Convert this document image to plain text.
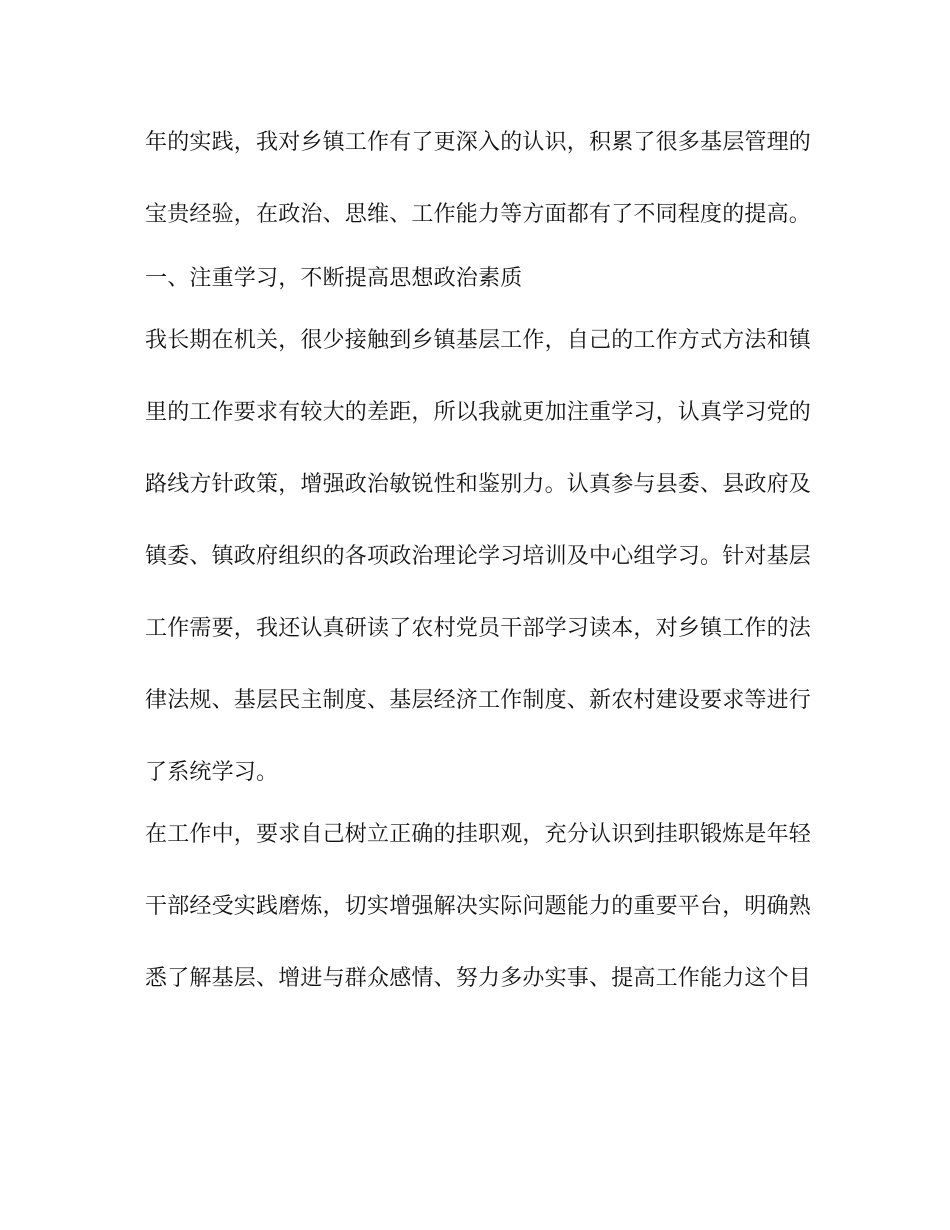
年的实践，我对乡镇工作有了更深入的认识，积累了很多基层管理的
宝贵经验，在政治、思维、工作能力等方面都有了不同程度的提高。
一、注重学习，不断提高思想政治素质
我长期在机关，很少接触到乡镇基层工作，自己的工作方式方法和镇
里的工作要求有较大的差距，所以我就更加注重学习，认真学习党的
路线方针政策，增强政治敏锐性和鉴别力。认真参与县委、县政府及
镇委、镇政府组织的各项政治理论学习培训及中心组学习。针对基层
工作需要，我还认真研读了农村党员干部学习读本，对乡镇工作的法
律法规、基层民主制度、基层经济工作制度、新农村建设要求等进行
了系统学习。
在工作中，要求自己树立正确的挂职观，充分认识到挂职锻炼是年轻
干部经受实践磨炼，切实增强解决实际问题能力的重要平台，明确熟
悉了解基层、增进与群众感情、努力多办实事、提高工作能力这个目
